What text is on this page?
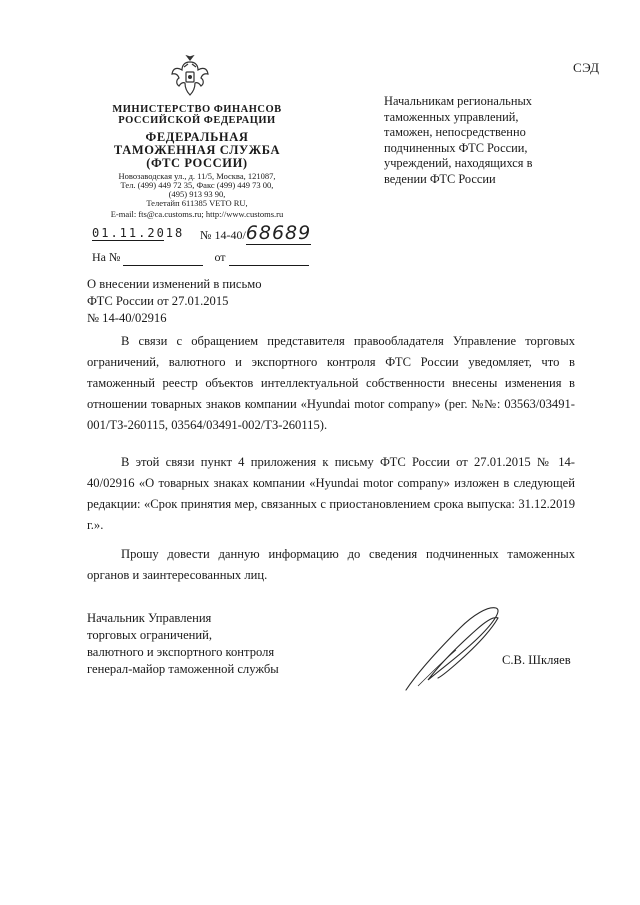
СЭД
МИНИСТЕРСТВО ФИНАНСОВ
РОССИЙСКОЙ ФЕДЕРАЦИИ
ФЕДЕРАЛЬНАЯ
ТАМОЖЕННАЯ СЛУЖБА
(ФТС РОССИИ)
Новозаводская ул., д. 11/5, Москва, 121087,
Тел. (499) 449 72 35, Факс (499) 449 73 00,
(495) 913 93 90,
Телетайп 611385 VETO RU,
E-mail: fts@ca.customs.ru; http://www.customs.ru
01.11.2018 № 14-40/68689
На №	от
Начальникам региональных
таможенных управлений,
таможен, непосредственно
подчиненных ФТС России,
учреждений, находящихся в
ведении ФТС России
О внесении изменений в письмо
ФТС России от 27.01.2015
№ 14-40/02916
В связи с обращением представителя правообладателя Управление торговых ограничений, валютного и экспортного контроля ФТС России уведомляет, что в таможенный реестр объектов интеллектуальной собственности внесены изменения в отношении товарных знаков компании «Hyundai motor company» (рег. №№: 03563/03491-001/ТЗ-260115, 03564/03491-002/ТЗ-260115).
В этой связи пункт 4 приложения к письму ФТС России от 27.01.2015 № 14-40/02916 «О товарных знаках компании «Hyundai motor company» изложен в следующей редакции: «Срок принятия мер, связанных с приостановлением срока выпуска: 31.12.2019 г.».
Прошу довести данную информацию до сведения подчиненных таможенных органов и заинтересованных лиц.
Начальник Управления
торговых ограничений,
валютного и экспортного контроля
генерал-майор таможенной службы
С.В. Шкляев
